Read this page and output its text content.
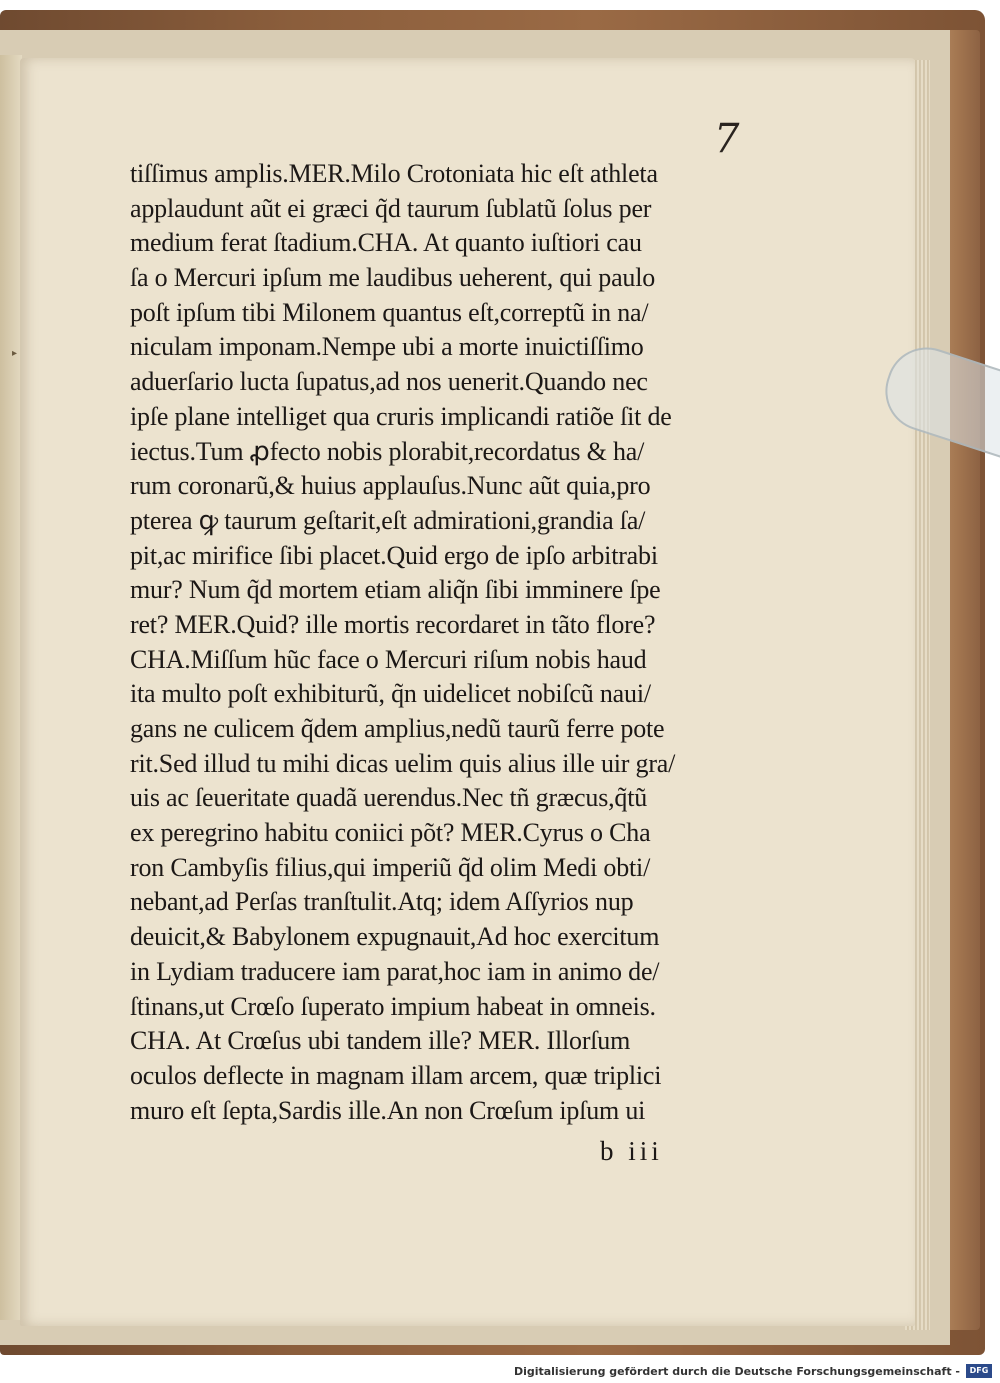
7

tiſſimus amplis.MER.Milo Crotoniata hic eſt athleta
applaudunt aũt ei græci q̃d taurum ſublatũ ſolus per
medium ferat ſtadium.CHA. At quanto iuſtiori cau
ſa o Mercuri ipſum me laudibus ueherent, qui paulo
poſt ipſum tibi Milonem quantus eſt,correptũ in na/
niculam imponam.Nempe ubi a morte inuictiſſimo
aduerſario lucta ſupatus,ad nos uenerit.Quando nec
ipſe plane intelliget qua cruris implicandi ratiõe ſit de
iectus.Tum ꝓfecto nobis plorabit,recordatus & ha/
rum coronarũ,& huius applauſus.Nunc aũt quia,pro
pterea ꝙ taurum geſtarit,eſt admirationi,grandia ſa/
pit,ac mirifice ſibi placet.Quid ergo de ipſo arbitrabi
mur? Num q̃d mortem etiam aliq̃n ſibi imminere ſpe
ret? MER.Quid? ille mortis recordaret in tãto flore?
CHA.Miſſum hũc face o Mercuri riſum nobis haud
ita multo poſt exhibiturũ, q̃n uidelicet nobiſcũ naui/
gans ne culicem q̃dem amplius,nedũ taurũ ferre pote
rit.Sed illud tu mihi dicas uelim quis alius ille uir gra/
uis ac ſeueritate quadã uerendus.Nec tñ græcus,q̃tũ
ex peregrino habitu coniici põt? MER.Cyrus o Cha
ron Cambyſis filius,qui imperiũ q̃d olim Medi obti/
nebant,ad Perſas tranſtulit.Atq; idem Aſſyrios nup
deuicit,& Babylonem expugnauit,Ad hoc exercitum
in Lydiam traducere iam parat,hoc iam in animo de/
ſtinans,ut Crœſo ſuperato impium habeat in omneis.
CHA. At Crœſus ubi tandem ille? MER. Illorſum
oculos deflecte in magnam illam arcem, quæ triplici
muro eſt ſepta,Sardis ille.An non Crœſum ipſum ui

b iii

▸

Digitalisierung gefördert durch die Deutsche Forschungsgemeinschaft -	DFG
